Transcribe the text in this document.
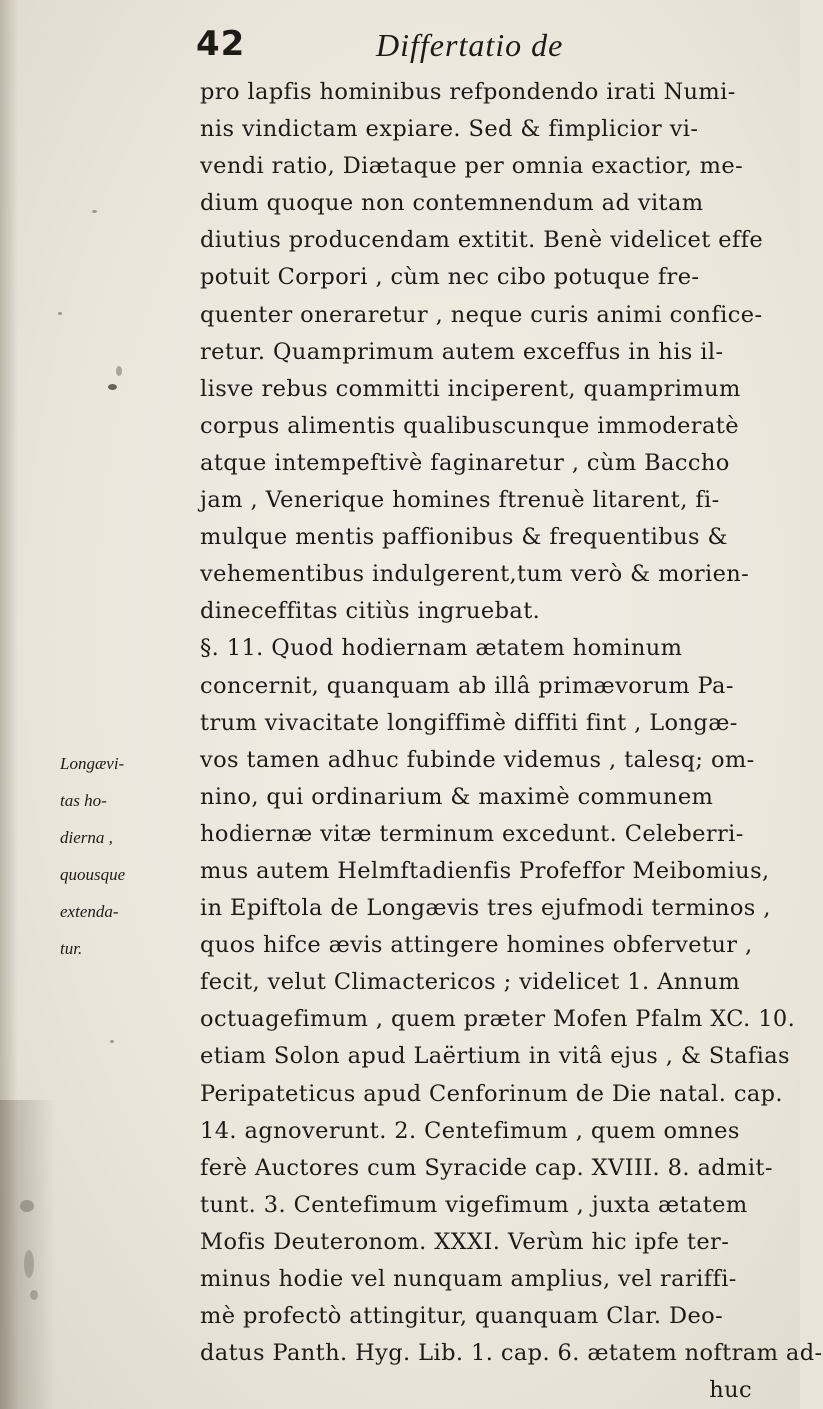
42	Differtatio de
Longævi-
tas ho-
dierna ,
quousque
extenda-
tur.
pro lapfis hominibus refpondendo irati Numi-
nis vindictam expiare. Sed & fimplicior vi-
vendi ratio, Diætaque per omnia exactior, me-
dium quoque non contemnendum ad vitam
diutius producendam extitit. Benè videlicet effe
potuit Corpori , cùm nec cibo potuque fre-
quenter oneraretur , neque curis animi confice-
retur. Quamprimum autem exceffus in his il-
lisve rebus committi inciperent, quamprimum
corpus alimentis qualibuscunque immoderatè
atque intempeftivè faginaretur , cùm Baccho
jam , Venerique homines ftrenuè litarent, fi-
mulque mentis paffionibus & frequentibus &
vehementibus indulgerent,tum verò & morien-
dineceffitas citiùs ingruebat.
§. 11. Quod hodiernam ætatem hominum
concernit, quanquam ab illâ primævorum Pa-
trum vivacitate longiffimè diffiti fint , Longæ-
vos tamen adhuc fubinde videmus , talesq; om-
nino, qui ordinarium & maximè communem
hodiernæ vitæ terminum excedunt. Celeberri-
mus autem Helmftadienfis Profeffor Meibomius,
in Epiftola de Longævis tres ejufmodi terminos ,
quos hifce ævis attingere homines obfervetur ,
fecit, velut Climactericos ; videlicet 1. Annum
octuagefimum , quem præter Mofen Pfalm XC. 10.
etiam Solon apud Laërtium in vitâ ejus , & Stafias
Peripateticus apud Cenforinum de Die natal. cap.
14. agnoverunt. 2. Centefimum , quem omnes
ferè Auctores cum Syracide cap. XVIII. 8. admit-
tunt. 3. Centefimum vigefimum , juxta ætatem
Mofis Deuteronom. XXXI. Verùm hic ipfe ter-
minus hodie vel nunquam amplius, vel rariffi-
mè profectò attingitur, quanquam Clar. Deo-
datus Panth. Hyg. Lib. 1. cap. 6. ætatem noftram ad-
huc
